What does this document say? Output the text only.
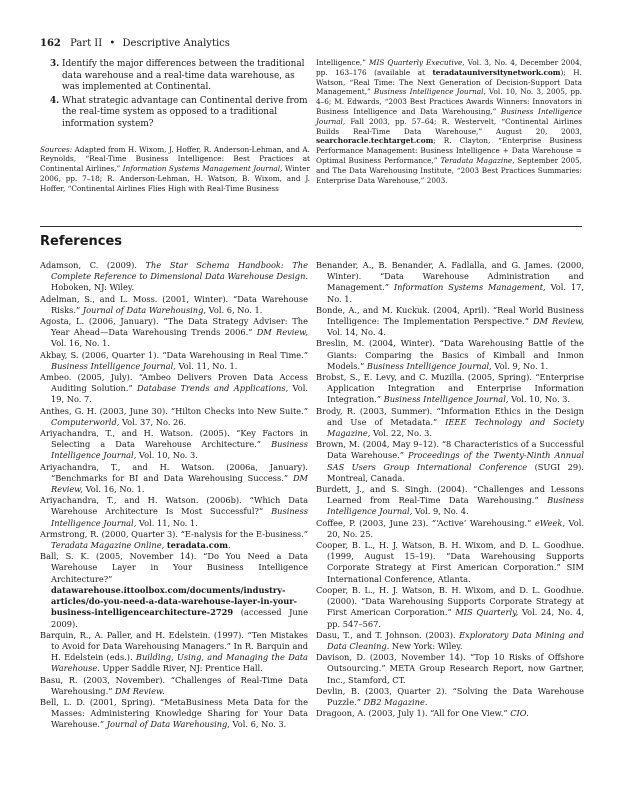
162 Part II • Descriptive Analytics
3. Identify the major differences between the traditional data warehouse and a real-time data warehouse, as was implemented at Continental.
4. What strategic advantage can Continental derive from the real-time system as opposed to a traditional information system?
Sources: Adapted from H. Wixom, J. Hoffer, R. Anderson-Lehman, and A. Reynolds, “Real-Time Business Intelligence: Best Practices at Continental Airlines,” Information Systems Management Journal, Winter 2006, pp. 7–18; R. Anderson-Lehman, H. Watson, B. Wixom, and J. Hoffer, “Continental Airlines Flies High with Real-Time Business
Intelligence,” MIS Quarterly Executive, Vol. 3, No. 4, December 2004, pp. 163–176 (available at teradatauniversitynetwork.com); H. Watson, “Real Time: The Next Generation of Decision-Support Data Management,” Business Intelligence Journal, Vol. 10, No. 3, 2005, pp. 4–6; M. Edwards, “2003 Best Practices Awards Winners: Innovators in Business Intelligence and Data Warehousing,” Business Intelligence Journal, Fall 2003, pp. 57–64; R. Westervelt, “Continental Airlines Builds Real-Time Data Warehouse,” August 20, 2003, searchoracle.techtarget.com; R. Clayton, “Enterprise Business Performance Management: Business Intelligence + Data Warehouse = Optimal Business Performance,” Teradata Magazine, September 2005, and The Data Warehousing Institute, “2003 Best Practices Summaries: Enterprise Data Warehouse,” 2003.
References

Adamson, C. (2009). The Star Schema Handbook: The Complete Reference to Dimensional Data Warehouse Design. Hoboken, NJ: Wiley.

Adelman, S., and L. Moss. (2001, Winter). “Data Warehouse Risks.” Journal of Data Warehousing, Vol. 6, No. 1.

Agosta, L. (2006, January). “The Data Strategy Adviser: The Year Ahead—Data Warehousing Trends 2006.” DM Review, Vol. 16, No. 1.

Akbay, S. (2006, Quarter 1). “Data Warehousing in Real Time.” Business Intelligence Journal, Vol. 11, No. 1.

Ambeo. (2005, July). “Ambeo Delivers Proven Data Access Auditing Solution.” Database Trends and Applications, Vol. 19, No. 7.

Anthes, G. H. (2003, June 30). “Hilton Checks into New Suite.” Computerworld, Vol. 37, No. 26.

Ariyachandra, T., and H. Watson. (2005). “Key Factors in Selecting a Data Warehouse Architecture.” Business Intelligence Journal, Vol. 10, No. 3.

Ariyachandra, T., and H. Watson. (2006a, January). “Benchmarks for BI and Data Warehousing Success.” DM Review, Vol. 16, No. 1.

Ariyachandra, T., and H. Watson. (2006b). “Which Data Warehouse Architecture Is Most Successful?” Business Intelligence Journal, Vol. 11, No. 1.

Armstrong, R. (2000, Quarter 3). “E-nalysis for the E-business.” Teradata Magazine Online, teradata.com.

Ball, S. K. (2005, November 14). “Do You Need a Data Warehouse Layer in Your Business Intelligence Architecture?” datawarehouse.ittoolbox.com/documents/industry-articles/do-you-need-a-data-warehouse-layer-in-your-business-intelligencearchitecture-2729 (accessed June 2009).

Barquin, R., A. Paller, and H. Edelstein. (1997). “Ten Mistakes to Avoid for Data Warehousing Managers.” In R. Barquin and H. Edelstein (eds.). Building, Using, and Managing the Data Warehouse. Upper Saddle River, NJ: Prentice Hall.

Basu, R. (2003, November). “Challenges of Real-Time Data Warehousing.” DM Review.

Bell, L. D. (2001, Spring). “MetaBusiness Meta Data for the Masses: Administering Knowledge Sharing for Your Data Warehouse.” Journal of Data Warehousing, Vol. 6, No. 3.

Benander, A., B. Benander, A. Fadlalla, and G. James. (2000, Winter). “Data Warehouse Administration and Management.” Information Systems Management, Vol. 17, No. 1.

Bonde, A., and M. Kuckuk. (2004, April). “Real World Business Intelligence: The Implementation Perspective.” DM Review, Vol. 14, No. 4.

Breslin, M. (2004, Winter). “Data Warehousing Battle of the Giants: Comparing the Basics of Kimball and Inmon Models.” Business Intelligence Journal, Vol. 9, No. 1.

Brobst, S., E. Levy, and C. Muzilla. (2005, Spring). “Enterprise Application Integration and Enterprise Information Integration.” Business Intelligence Journal, Vol. 10, No. 3.

Brody, R. (2003, Summer). “Information Ethics in the Design and Use of Metadata.” IEEE Technology and Society Magazine, Vol. 22, No. 3.

Brown, M. (2004, May 9–12). “8 Characteristics of a Successful Data Warehouse.” Proceedings of the Twenty-Ninth Annual SAS Users Group International Conference (SUGI 29). Montreal, Canada.

Burdett, J., and S. Singh. (2004). “Challenges and Lessons Learned from Real-Time Data Warehousing.” Business Intelligence Journal, Vol. 9, No. 4.

Coffee, P. (2003, June 23). “‘Active’ Warehousing.” eWeek, Vol. 20, No. 25.

Cooper, B. L., H. J. Watson, B. H. Wixom, and D. L. Goodhue. (1999, August 15–19). “Data Warehousing Supports Corporate Strategy at First American Corporation.” SIM International Conference, Atlanta.

Cooper, B. L., H. J. Watson, B. H. Wixom, and D. L. Goodhue. (2000). “Data Warehousing Supports Corporate Strategy at First American Corporation.” MIS Quarterly, Vol. 24, No. 4, pp. 547–567.

Dasu, T., and T. Johnson. (2003). Exploratory Data Mining and Data Cleaning. New York: Wiley.

Davison, D. (2003, November 14). “Top 10 Risks of Offshore Outsourcing.” META Group Research Report, now Gartner, Inc., Stamford, CT.

Devlin, B. (2003, Quarter 2). “Solving the Data Warehouse Puzzle.” DB2 Magazine.

Dragoon, A. (2003, July 1). “All for One View.” CIO.
